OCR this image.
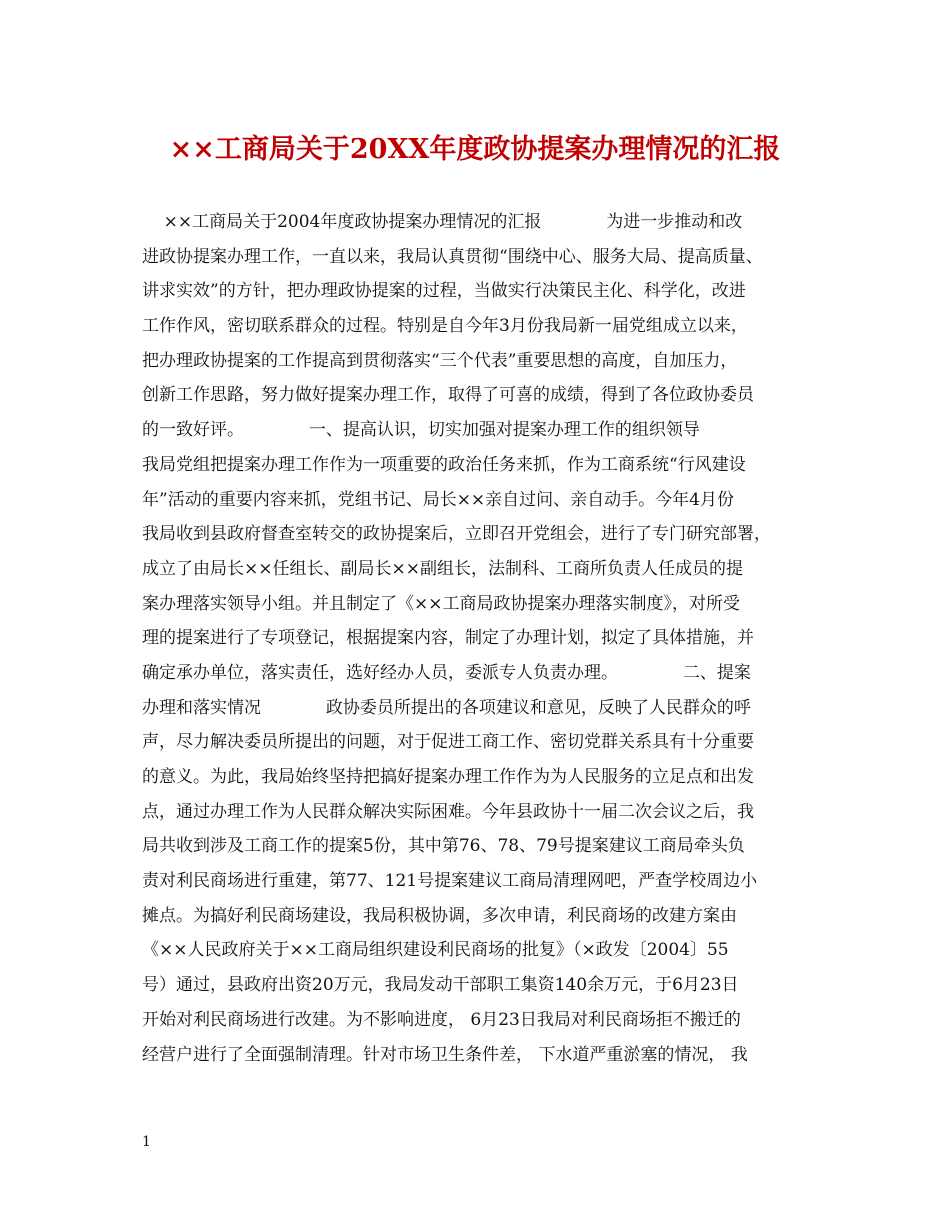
××工商局关于20XX年度政协提案办理情况的汇报
××工商局关于2004年度政协提案办理情况的汇报            为进一步推动和改
进政协提案办理工作，一直以来，我局认真贯彻“围绕中心、服务大局、提高质量、
讲求实效”的方针，把办理政协提案的过程，当做实行决策民主化、科学化，改进
工作作风，密切联系群众的过程。特别是自今年3月份我局新一届党组成立以来，
把办理政协提案的工作提高到贯彻落实“三个代表”重要思想的高度，自加压力，
创新工作思路，努力做好提案办理工作，取得了可喜的成绩，得到了各位政协委员
的一致好评。            一、提高认识，切实加强对提案办理工作的组织领导
我局党组把提案办理工作作为一项重要的政治任务来抓，作为工商系统“行风建设
年”活动的重要内容来抓，党组书记、局长××亲自过问、亲自动手。今年4月份
我局收到县政府督查室转交的政协提案后，立即召开党组会，进行了专门研究部署，
成立了由局长××任组长、副局长××副组长，法制科、工商所负责人任成员的提
案办理落实领导小组。并且制定了《××工商局政协提案办理落实制度》，对所受
理的提案进行了专项登记，根据提案内容，制定了办理计划，拟定了具体措施，并
确定承办单位，落实责任，选好经办人员，委派专人负责办理。            二、提案
办理和落实情况            政协委员所提出的各项建议和意见，反映了人民群众的呼
声，尽力解决委员所提出的问题，对于促进工商工作、密切党群关系具有十分重要
的意义。为此，我局始终坚持把搞好提案办理工作作为为人民服务的立足点和出发
点，通过办理工作为人民群众解决实际困难。今年县政协十一届二次会议之后，我
局共收到涉及工商工作的提案5份，其中第76、78、79号提案建议工商局牵头负
责对利民商场进行重建，第77、121号提案建议工商局清理网吧，严查学校周边小
摊点。为搞好利民商场建设，我局积极协调，多次申请，利民商场的改建方案由
《××人民政府关于××工商局组织建设利民商场的批复》（×政发〔2004〕55
号）通过，县政府出资20万元，我局发动干部职工集资140余万元，于6月23日
开始对利民商场进行改建。为不影响进度， 6月23日我局对利民商场拒不搬迁的
经营户进行了全面强制清理。针对市场卫生条件差， 下水道严重淤塞的情况， 我
1
